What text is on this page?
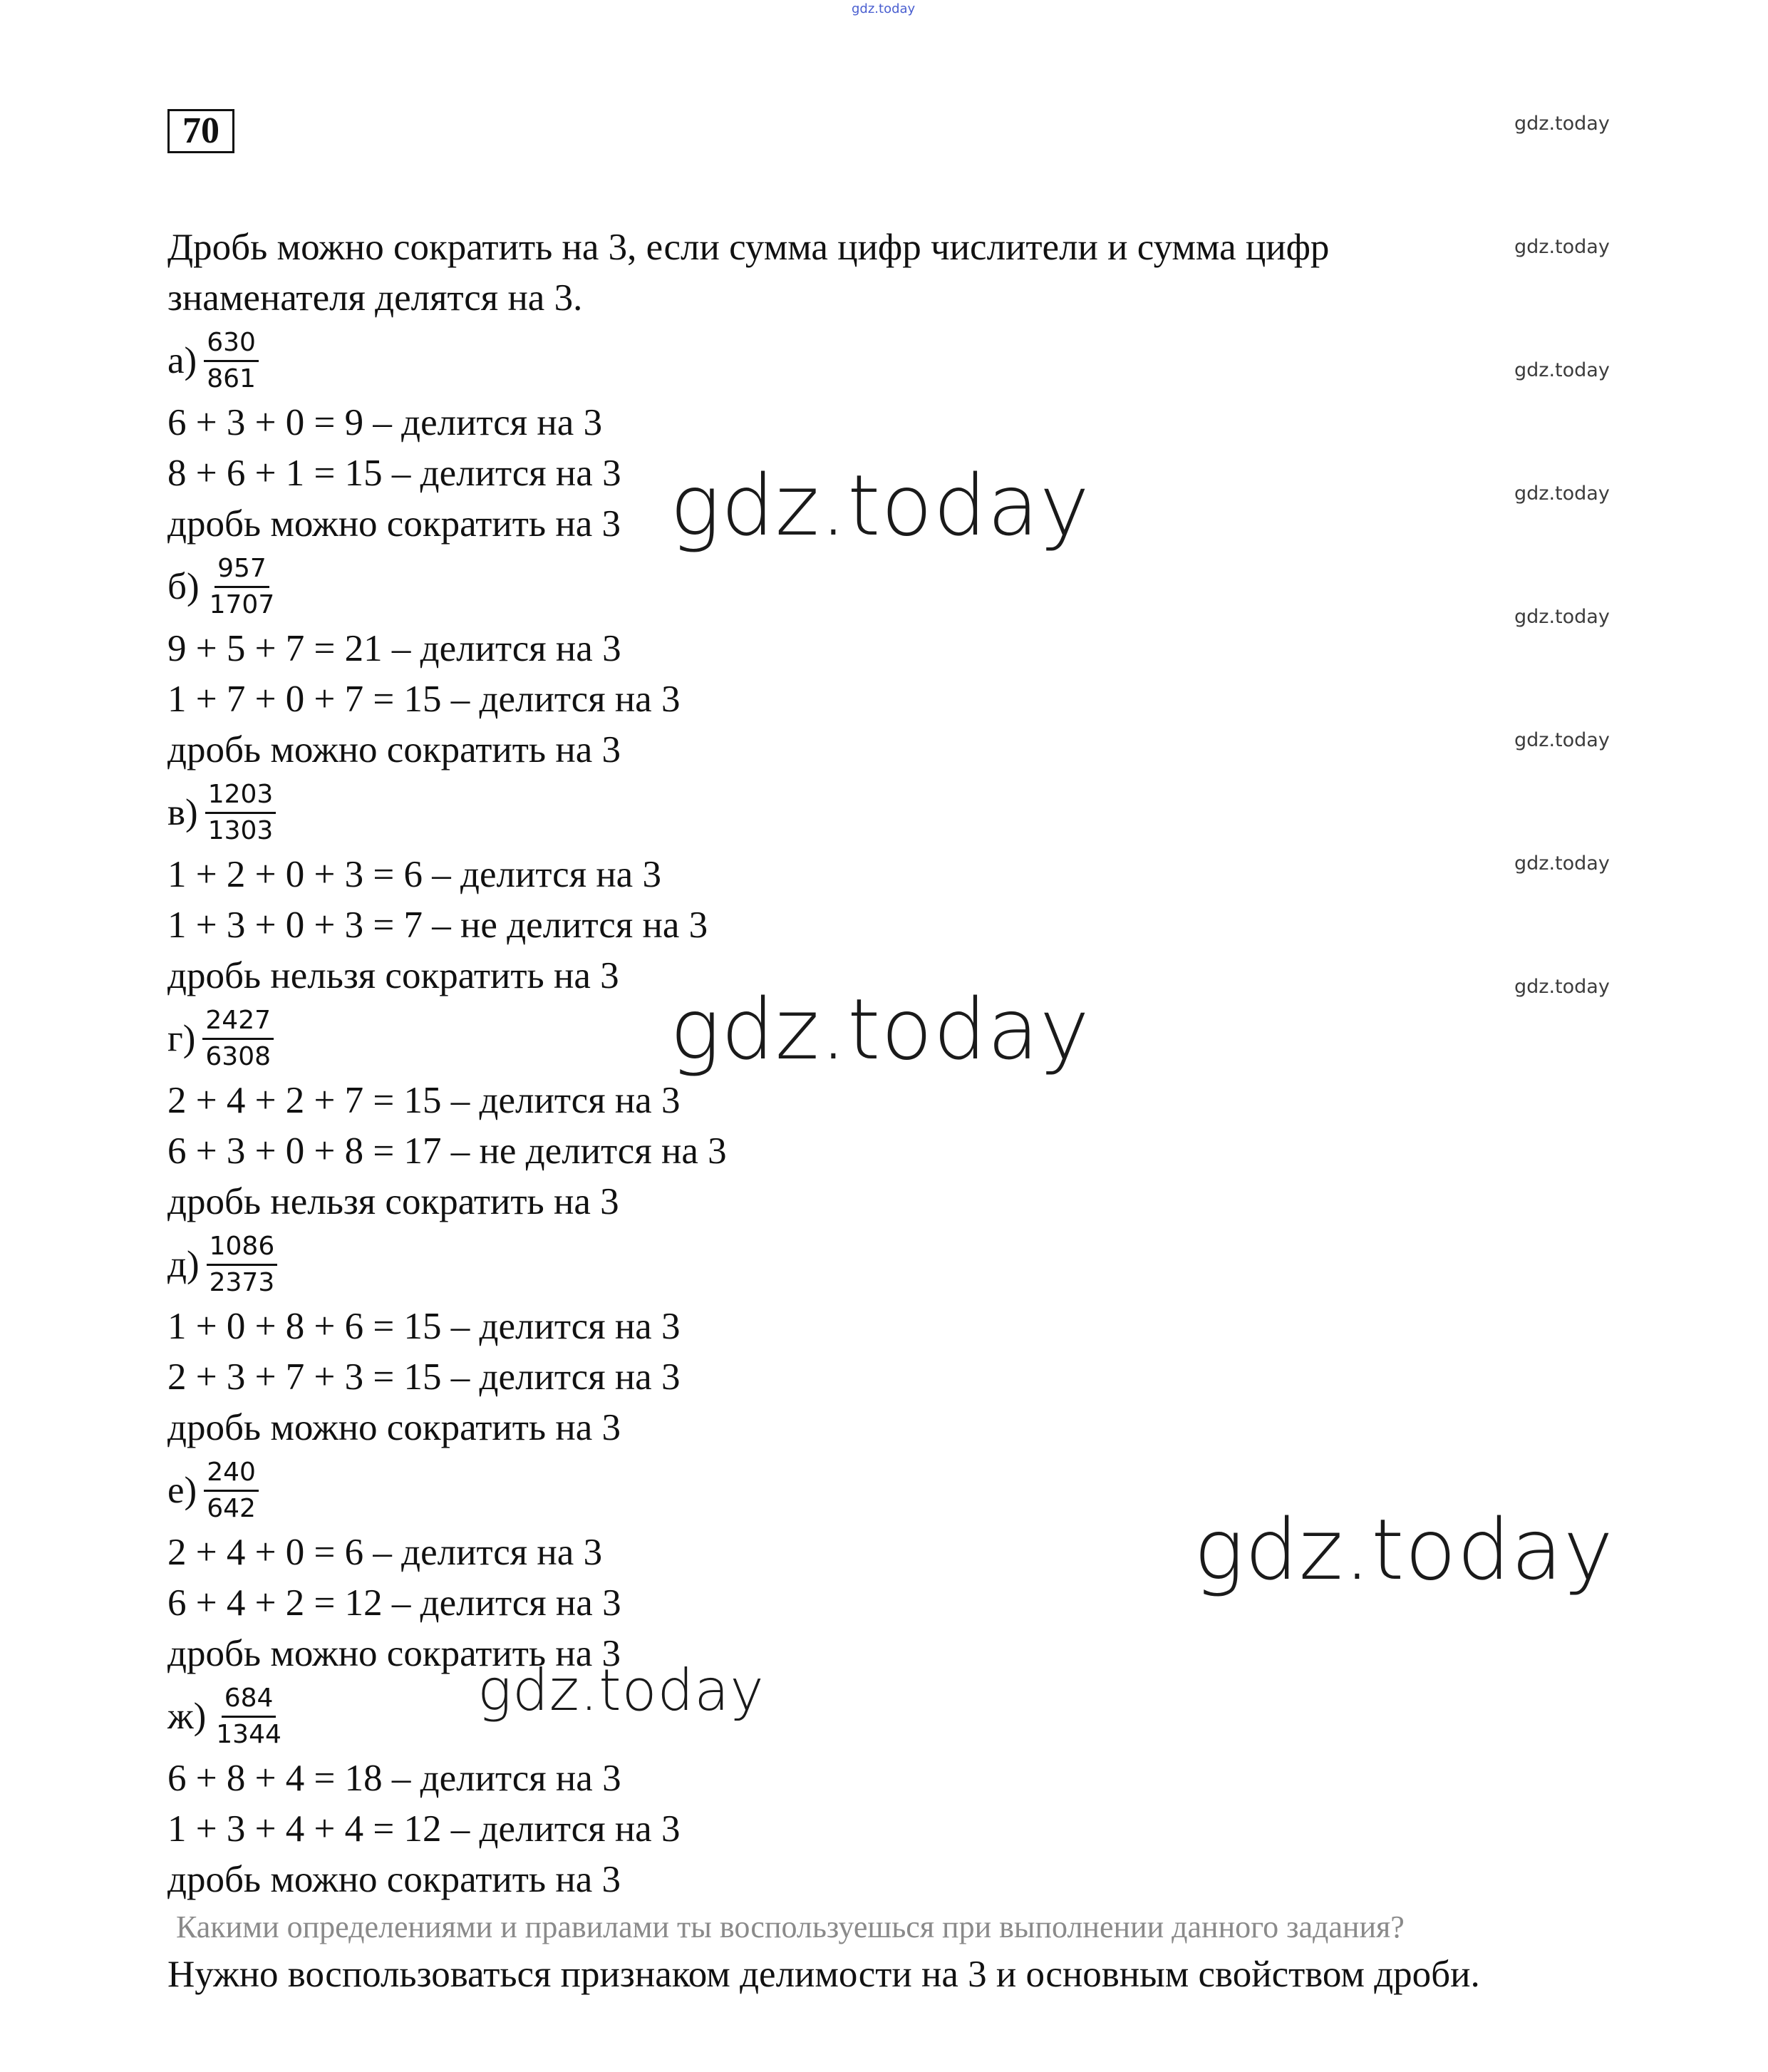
gdz.today
70	gdz.today
gdz.today
gdz.today
gdz.today
gdz.today
gdz.today
gdz.today
gdz.today
Дробь можно сократить на 3, если сумма цифр числители и сумма цифр
знаменателя делятся на 3.
$а) \frac{630}{861}$
6 + 3 + 0 = 9 – делится на 3
8 + 6 + 1 = 15 – делится на 3
дробь можно сократить на 3
$б) \frac{957}{1707}$
9 + 5 + 7 = 21 – делится на 3
1 + 7 + 0 + 7 = 15 – делится на 3
дробь можно сократить на 3
$в) \frac{1203}{1303}$
1 + 2 + 0 + 3 = 6 – делится на 3
1 + 3 + 0 + 3 = 7 – не делится на 3
дробь нельзя сократить на 3
$г) \frac{2427}{6308}$
2 + 4 + 2 + 7 = 15 – делится на 3
6 + 3 + 0 + 8 = 17 – не делится на 3
дробь нельзя сократить на 3
$д) \frac{1086}{2373}$
1 + 0 + 8 + 6 = 15 – делится на 3
2 + 3 + 7 + 3 = 15 – делится на 3
дробь можно сократить на 3
$е) \frac{240}{642}$
2 + 4 + 0 = 6 – делится на 3
6 + 4 + 2 = 12 – делится на 3
дробь можно сократить на 3
$ж) \frac{684}{1344}$
6 + 8 + 4 = 18 – делится на 3
1 + 3 + 4 + 4 = 12 – делится на 3
дробь можно сократить на 3
Какими определениями и правилами ты воспользуешься при выполнении данного задания?
Нужно воспользоваться признаком делимости на 3 и основным свойством дроби.
gdz.today
gdz.today
gdz.today
gdz.today
